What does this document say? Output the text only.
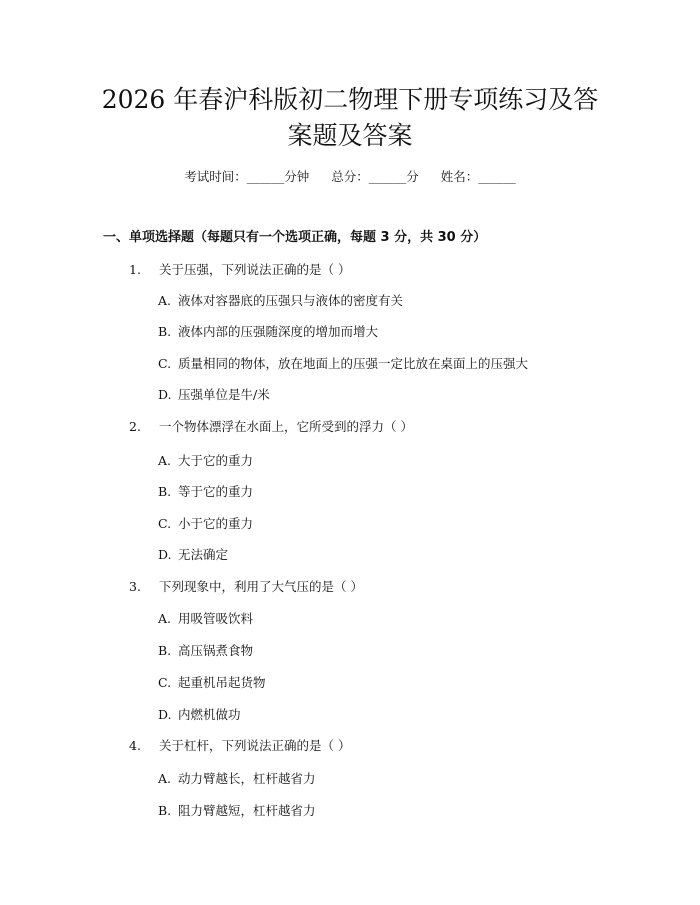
2026 年春沪科版初二物理下册专项练习及答
案题及答案
考试时间：______分钟 总分：______分 姓名：______
一、单项选择题（每题只有一个选项正确，每题 3 分，共 30 分）
1. 关于压强，下列说法正确的是（ ）
A. 液体对容器底的压强只与液体的密度有关
B. 液体内部的压强随深度的增加而增大
C. 质量相同的物体，放在地面上的压强一定比放在桌面上的压强大
D. 压强单位是牛/米
2. 一个物体漂浮在水面上，它所受到的浮力（ ）
A. 大于它的重力
B. 等于它的重力
C. 小于它的重力
D. 无法确定
3. 下列现象中，利用了大气压的是（ ）
A. 用吸管吸饮料
B. 高压锅煮食物
C. 起重机吊起货物
D. 内燃机做功
4. 关于杠杆，下列说法正确的是（ ）
A. 动力臂越长，杠杆越省力
B. 阻力臂越短，杠杆越省力
